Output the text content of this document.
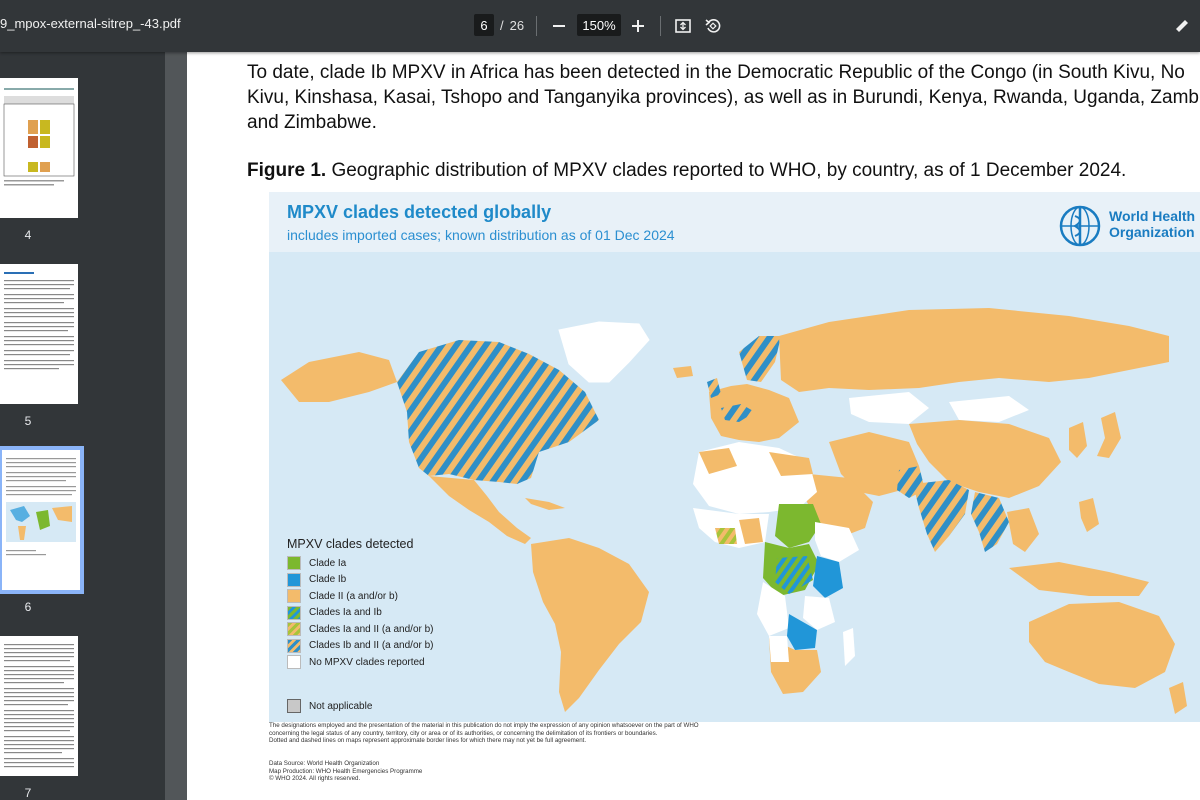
9_mpox-external-sitrep_-43.pdf	6 / 26	150%
4
5
6
7
To date, clade Ib MPXV in Africa has been detected in the Democratic Republic of the Congo (in South Kivu, No
Kivu, Kinshasa, Kasai, Tshopo and Tanganyika provinces), as well as in Burundi, Kenya, Rwanda, Uganda, Zamb
and Zimbabwe.
Figure 1. Geographic distribution of MPXV clades reported to WHO, by country, as of 1 December 2024.
MPXV clades detected globally
includes imported cases; known distribution as of 01 Dec 2024
World Health
Organization
MPXV clades detected
Clade Ia
Clade Ib
Clade II (a and/or b)
Clades Ia and Ib
Clades Ia and II (a and/or b)
Clades Ib and II (a and/or b)
No MPXV clades reported
Not applicable
The designations employed and the presentation of the material in this publication do not imply the expression of any opinion whatsoever on the part of WHO
concerning the legal status of any country, territory, city or area or of its authorities, or concerning the delimitation of its frontiers or boundaries.
Dotted and dashed lines on maps represent approximate border lines for which there may not yet be full agreement.
Data Source: World Health Organization
Map Production: WHO Health Emergencies Programme
© WHO 2024. All rights reserved.
